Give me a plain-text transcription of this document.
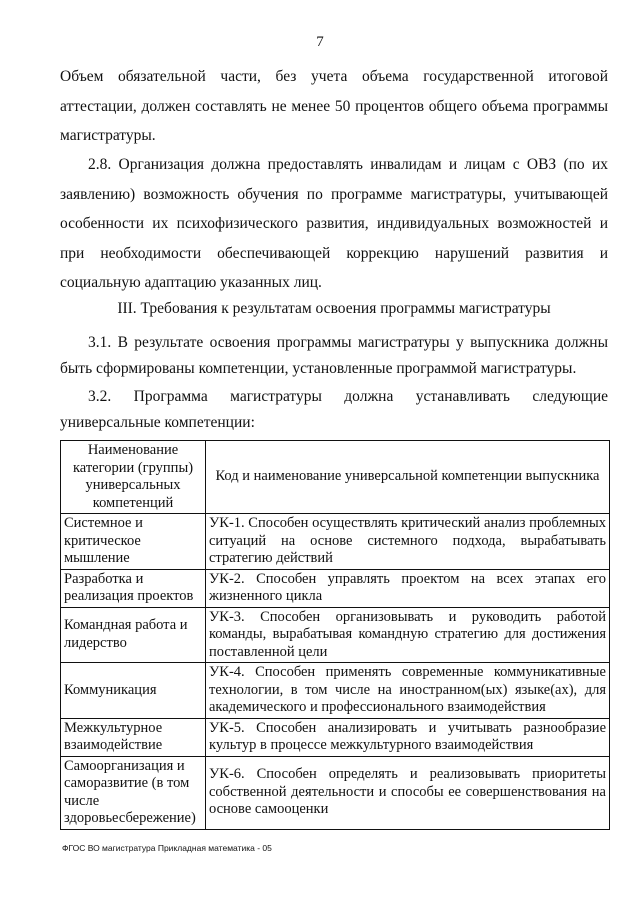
7

Объем обязательной части, без учета объема государственной итоговой аттестации, должен составлять не менее 50 процентов общего объема программы магистратуры.

2.8. Организация должна предоставлять инвалидам и лицам с ОВЗ (по их заявлению) возможность обучения по программе магистратуры, учитывающей особенности их психофизического развития, индивидуальных возможностей и при необходимости обеспечивающей коррекцию нарушений развития и социальную адаптацию указанных лиц.

III. Требования к результатам освоения программы магистратуры

3.1. В результате освоения программы магистратуры у выпускника должны быть сформированы компетенции, установленные программой магистратуры.

3.2. Программа магистратуры должна устанавливать следующие универсальные компетенции:

Наименование категории (группы) универсальных компетенций	Код и наименование универсальной компетенции выпускника
Системное и критическое мышление	УК-1. Способен осуществлять критический анализ проблемных ситуаций на основе системного подхода, вырабатывать стратегию действий
Разработка и реализация проектов	УК-2. Способен управлять проектом на всех этапах его жизненного цикла
Командная работа и лидерство	УК-3. Способен организовывать и руководить работой команды, вырабатывая командную стратегию для достижения поставленной цели
Коммуникация	УК-4. Способен применять современные коммуникативные технологии, в том числе на иностранном(ых) языке(ах), для академического и профессионального взаимодействия
Межкультурное взаимодействие	УК-5. Способен анализировать и учитывать разнообразие культур в процессе межкультурного взаимодействия
Самоорганизация и саморазвитие (в том числе здоровьесбережение)	УК-6. Способен определять и реализовывать приоритеты собственной деятельности и способы ее совершенствования на основе самооценки
ФГОС ВО магистратура Прикладная математика - 05
